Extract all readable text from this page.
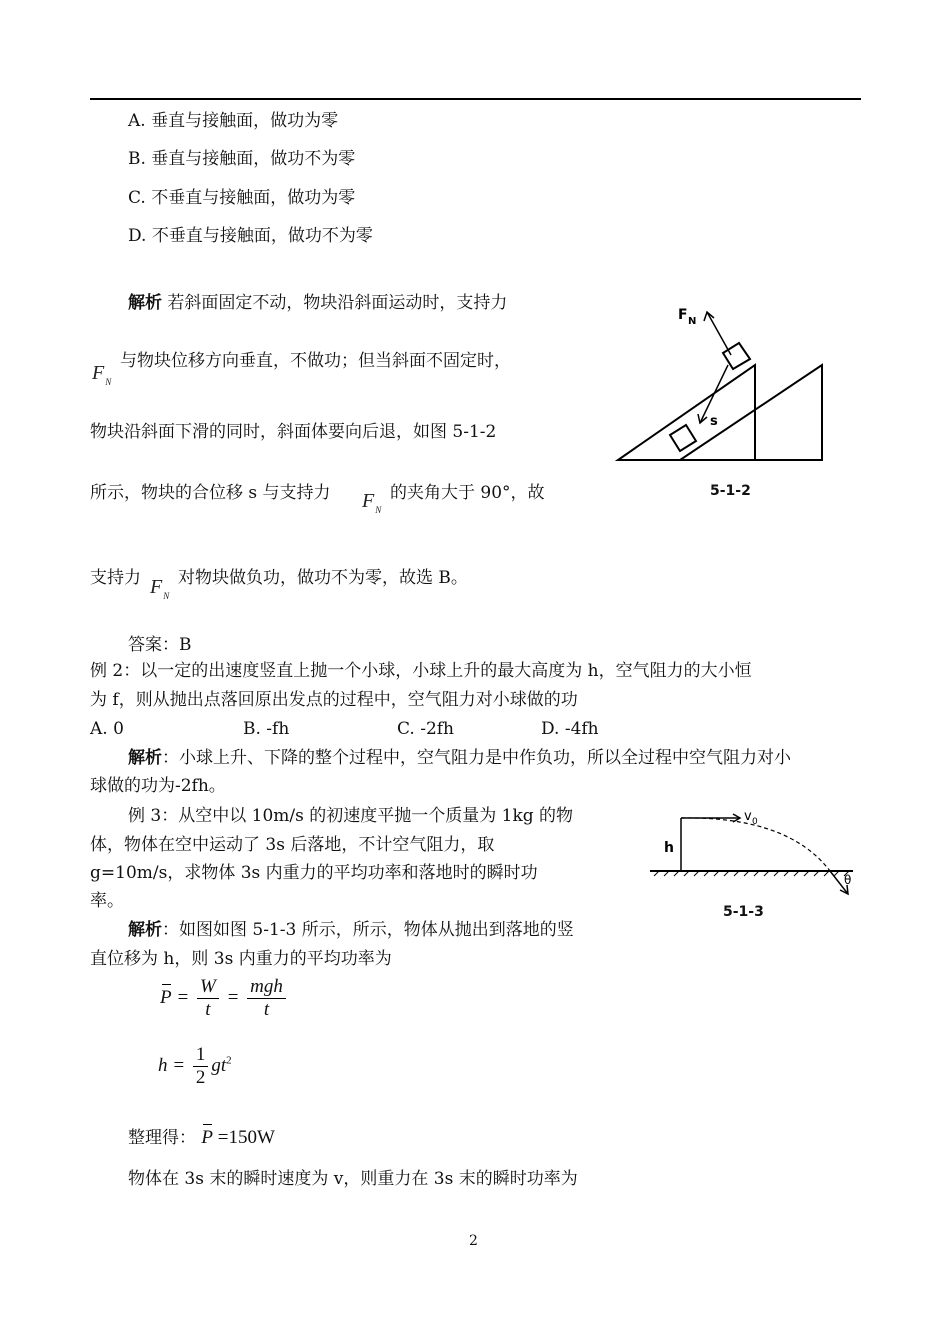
A. 垂直与接触面，做功为零
B. 垂直与接触面，做功不为零
C. 不垂直与接触面，做功为零
D. 不垂直与接触面，做功不为零
解析 若斜面固定不动，物块沿斜面运动时，支持力
$F_N$
与物块位移方向垂直，不做功；但当斜面不固定时，
物块沿斜面下滑的同时，斜面体要向后退，如图 5-1-2
所示，物块的合位移 s 与支持力 $F_N$
的夹角大于 90°，故
支持力 $F_N$
对物块做负功，做功不为零，故选 B。
F N
s
5-1-2
答案：B
例 2：以一定的出速度竖直上抛一个小球，小球上升的最大高度为 h，空气阻力的大小恒
为 f，则从抛出点落回原出发点的过程中，空气阻力对小球做的功
A. 0	B. -fh	C. -2fh	D. -4fh
解析：小球上升、下降的整个过程中，空气阻力是中作负功，所以全过程中空气阻力对小
球做的功为-2fh。
例 3：从空中以 10m/s 的初速度平抛一个质量为 1kg 的物
体，物体在空中运动了 3s 后落地，不计空气阻力，取
g=10m/s，求物体 3s 内重力的平均功率和落地时的瞬时功
率。
解析：如图如图 5-1-3 所示，所示，物体从抛出到落地的竖
直位移为 h，则 3s 内重力的平均功率为
v 0
h
θ
5-1-3
$P = \frac{W}{t} = \frac{\text{mgh}}{t}$
$h = \frac{1}{2} gt^2$
整理得： P =150W
物体在 3s 末的瞬时速度为 v，则重力在 3s 末的瞬时功率为
2
